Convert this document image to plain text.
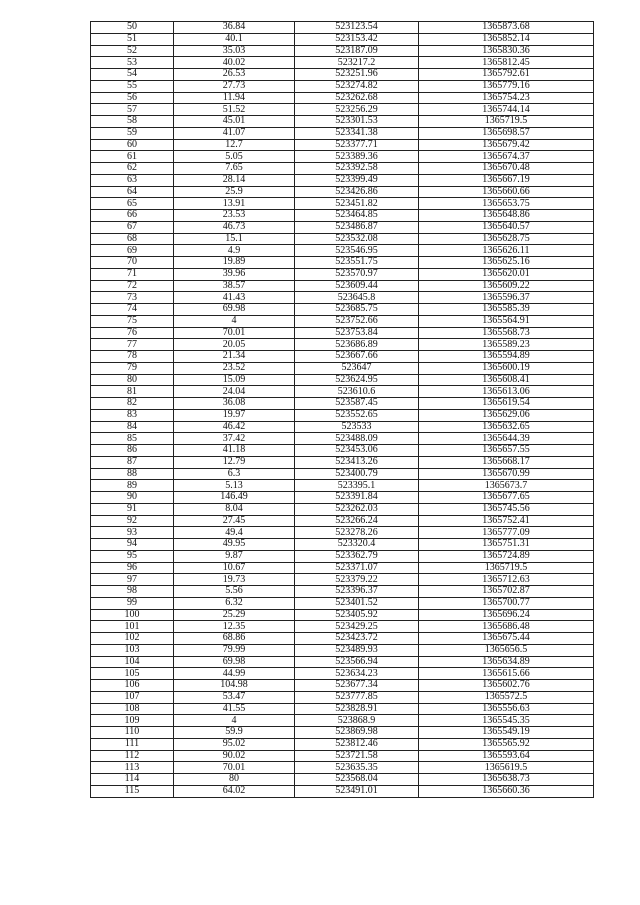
50	36.84	523123.54	1365873.68
51	40.1	523153.42	1365852.14
52	35.03	523187.09	1365830.36
53	40.02	523217.2	1365812.45
54	26.53	523251.96	1365792.61
55	27.73	523274.82	1365779.16
56	11.94	523262.68	1365754.23
57	51.52	523256.29	1365744.14
58	45.01	523301.53	1365719.5
59	41.07	523341.38	1365698.57
60	12.7	523377.71	1365679.42
61	5.05	523389.36	1365674.37
62	7.65	523392.58	1365670.48
63	28.14	523399.49	1365667.19
64	25.9	523426.86	1365660.66
65	13.91	523451.82	1365653.75
66	23.53	523464.85	1365648.86
67	46.73	523486.87	1365640.57
68	15.1	523532.08	1365628.75
69	4.9	523546.95	1365626.11
70	19.89	523551.75	1365625.16
71	39.96	523570.97	1365620.01
72	38.57	523609.44	1365609.22
73	41.43	523645.8	1365596.37
74	69.98	523685.75	1365585.39
75	4	523752.66	1365564.91
76	70.01	523753.84	1365568.73
77	20.05	523686.89	1365589.23
78	21.34	523667.66	1365594.89
79	23.52	523647	1365600.19
80	15.09	523624.95	1365608.41
81	24.04	523610.6	1365613.06
82	36.08	523587.45	1365619.54
83	19.97	523552.65	1365629.06
84	46.42	523533	1365632.65
85	37.42	523488.09	1365644.39
86	41.18	523453.06	1365657.55
87	12.79	523413.26	1365668.17
88	6.3	523400.79	1365670.99
89	5.13	523395.1	1365673.7
90	146.49	523391.84	1365677.65
91	8.04	523262.03	1365745.56
92	27.45	523266.24	1365752.41
93	49.4	523278.26	1365777.09
94	49.95	523320.4	1365751.31
95	9.87	523362.79	1365724.89
96	10.67	523371.07	1365719.5
97	19.73	523379.22	1365712.63
98	5.56	523396.37	1365702.87
99	6.32	523401.52	1365700.77
100	25.29	523405.92	1365696.24
101	12.35	523429.25	1365686.48
102	68.86	523423.72	1365675.44
103	79.99	523489.93	1365656.5
104	69.98	523566.94	1365634.89
105	44.99	523634.23	1365615.66
106	104.98	523677.34	1365602.76
107	53.47	523777.85	1365572.5
108	41.55	523828.91	1365556.63
109	4	523868.9	1365545.35
110	59.9	523869.98	1365549.19
111	95.02	523812.46	1365565.92
112	90.02	523721.58	1365593.64
113	70.01	523635.35	1365619.5
114	80	523568.04	1365638.73
115	64.02	523491.01	1365660.36
